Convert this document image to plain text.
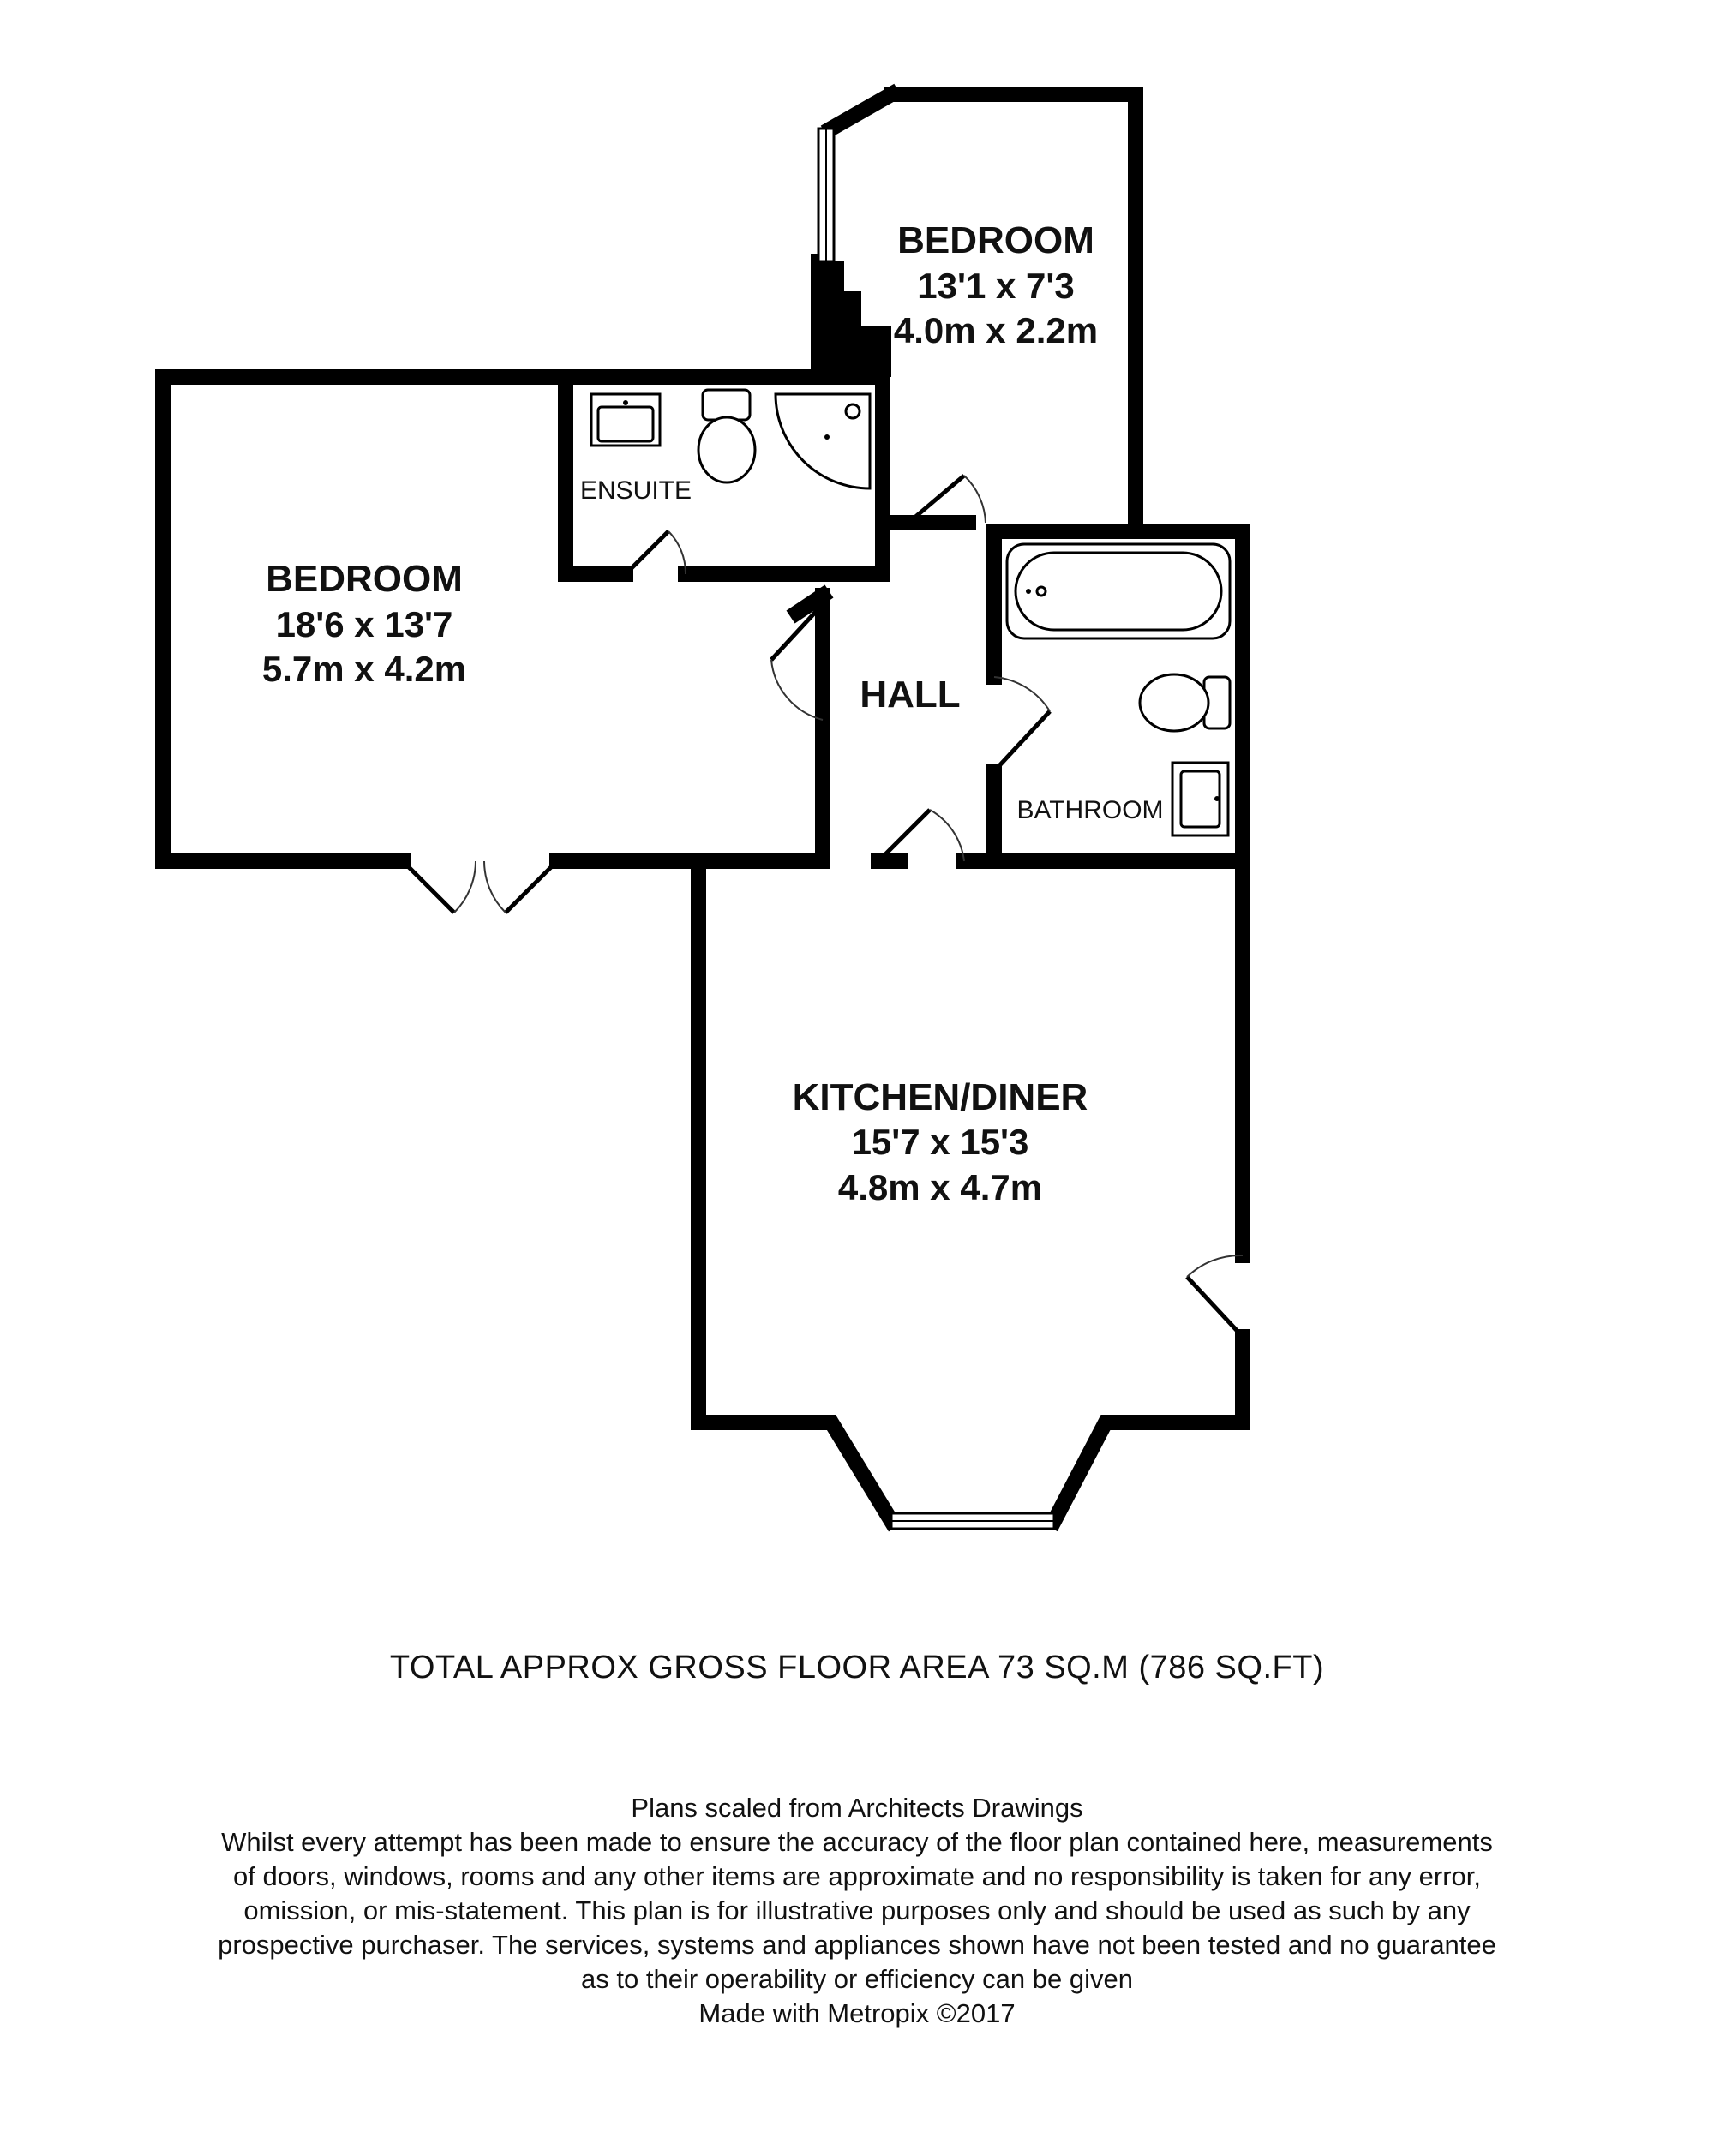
BEDROOM
13'1 x 7'3
4.0m x 2.2m
BEDROOM
18'6 x 13'7
5.7m x 4.2m
ENSUITE
HALL
BATHROOM
KITCHEN/DINER
15'7 x 15'3
4.8m x 4.7m
TOTAL APPROX GROSS FLOOR AREA 73 SQ.M (786 SQ.FT)
Plans scaled from Architects Drawings
Whilst every attempt has been made to ensure the accuracy of the floor plan contained here, measurements
of doors, windows, rooms and any other items are approximate and no responsibility is taken for any error,
omission, or mis-statement. This plan is for illustrative purposes only and should be used as such by any
prospective purchaser. The services, systems and appliances shown have not been tested and no guarantee
as to their operability or efficiency can be given
Made with Metropix ©2017
